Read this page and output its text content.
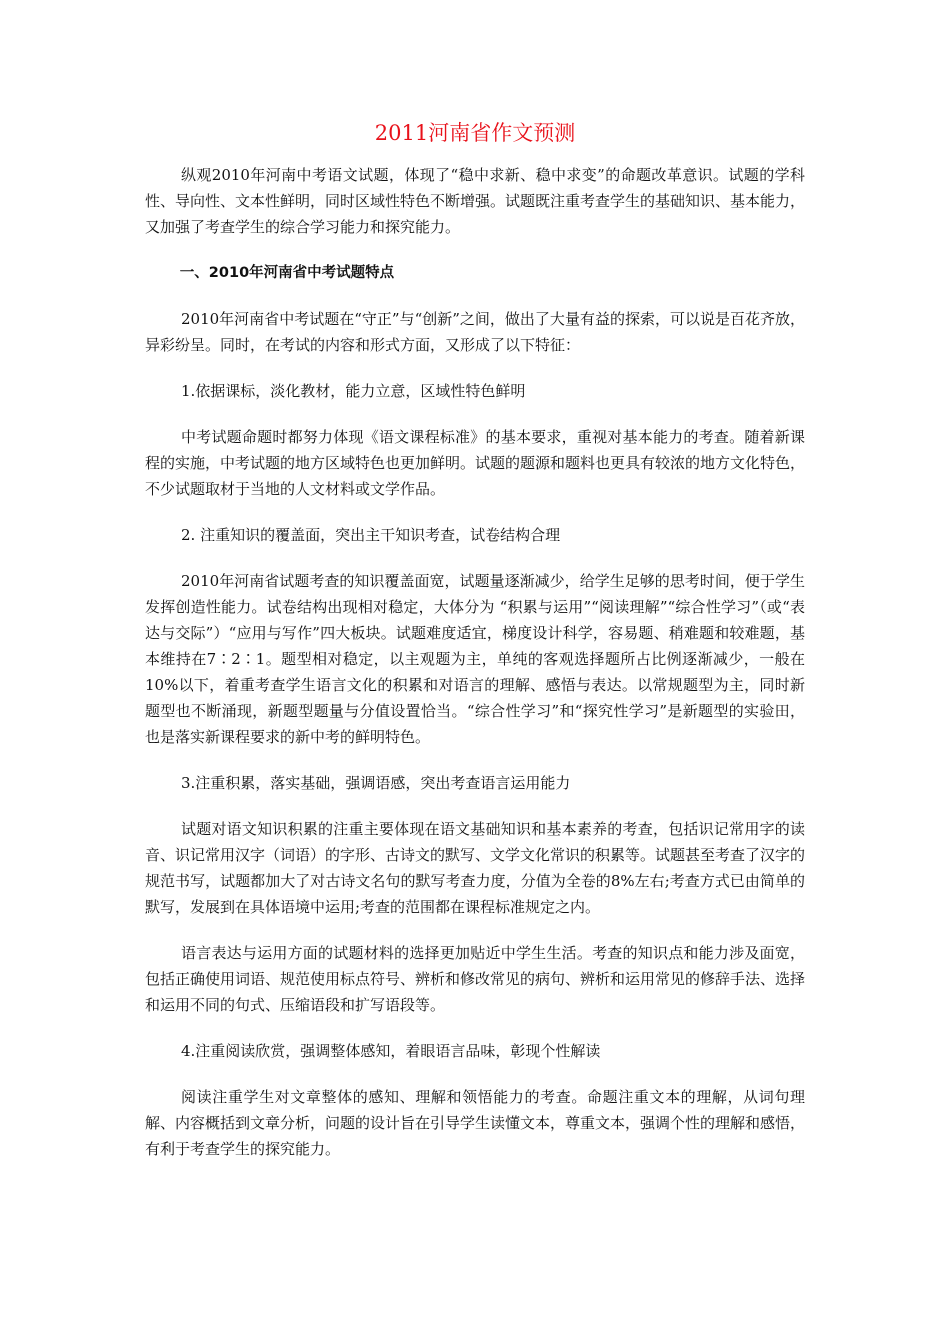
2011河南省作文预测

纵观2010年河南中考语文试题，体现了“稳中求新、稳中求变”的命题改革意识。试题的学科性、导向性、文本性鲜明，同时区域性特色不断增强。试题既注重考查学生的基础知识、基本能力，又加强了考查学生的综合学习能力和探究能力。

一、2010年河南省中考试题特点

2010年河南省中考试题在“守正”与“创新”之间，做出了大量有益的探索，可以说是百花齐放，异彩纷呈。同时，在考试的内容和形式方面，又形成了以下特征：

1.依据课标，淡化教材，能力立意，区域性特色鲜明

中考试题命题时都努力体现《语文课程标准》的基本要求，重视对基本能力的考查。随着新课程的实施，中考试题的地方区域特色也更加鲜明。试题的题源和题料也更具有较浓的地方文化特色，不少试题取材于当地的人文材料或文学作品。

2. 注重知识的覆盖面，突出主干知识考查，试卷结构合理

2010年河南省试题考查的知识覆盖面宽，试题量逐渐减少，给学生足够的思考时间，便于学生发挥创造性能力。试卷结构出现相对稳定，大体分为 “积累与运用”“阅读理解”“综合性学习”（或“表达与交际”）“应用与写作”四大板块。试题难度适宜，梯度设计科学，容易题、稍难题和较难题，基本维持在7∶2∶1。题型相对稳定，以主观题为主，单纯的客观选择题所占比例逐渐减少，一般在10%以下，着重考查学生语言文化的积累和对语言的理解、感悟与表达。以常规题型为主，同时新题型也不断涌现，新题型题量与分值设置恰当。“综合性学习”和“探究性学习”是新题型的实验田，也是落实新课程要求的新中考的鲜明特色。

3.注重积累，落实基础，强调语感，突出考查语言运用能力

试题对语文知识积累的注重主要体现在语文基础知识和基本素养的考查，包括识记常用字的读音、识记常用汉字（词语）的字形、古诗文的默写、文学文化常识的积累等。试题甚至考查了汉字的规范书写，试题都加大了对古诗文名句的默写考查力度，分值为全卷的8%左右;考查方式已由简单的默写，发展到在具体语境中运用;考查的范围都在课程标准规定之内。

语言表达与运用方面的试题材料的选择更加贴近中学生生活。考查的知识点和能力涉及面宽，包括正确使用词语、规范使用标点符号、辨析和修改常见的病句、辨析和运用常见的修辞手法、选择和运用不同的句式、压缩语段和扩写语段等。

4.注重阅读欣赏，强调整体感知，着眼语言品味，彰现个性解读

阅读注重学生对文章整体的感知、理解和领悟能力的考查。命题注重文本的理解，从词句理解、内容概括到文章分析，问题的设计旨在引导学生读懂文本，尊重文本，强调个性的理解和感悟，有利于考查学生的探究能力。
